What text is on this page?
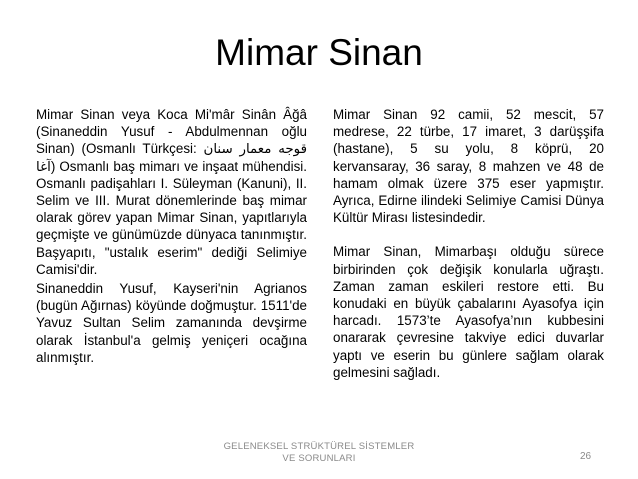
Mimar Sinan

Mimar Sinan veya Koca Mi'mâr Sinân Âğâ (Sinaneddin Yusuf - Abdulmennan oğlu Sinan) (Osmanlı Türkçesi: قوجه معمار سنان آغا) Osmanlı baş mimarı ve inşaat mühendisi. Osmanlı padişahları I. Süleyman (Kanuni), II. Selim ve III. Murat dönemlerinde baş mimar olarak görev yapan Mimar Sinan, yapıtlarıyla geçmişte ve günümüzde dünyaca tanınmıştır. Başyapıtı, "ustalık eserim" dediği Selimiye Camisi'dir.

Sinaneddin Yusuf, Kayseri'nin Agrianos (bugün Ağırnas) köyünde doğmuştur. 1511'de Yavuz Sultan Selim zamanında devşirme olarak İstanbul'a gelmiş yeniçeri ocağına alınmıştır.

Mimar Sinan 92 camii, 52 mescit, 57 medrese, 22 türbe, 17 imaret, 3 darüşşifa (hastane), 5 su yolu, 8 köprü, 20 kervansaray, 36 saray, 8 mahzen ve 48 de hamam olmak üzere 375 eser yapmıştır. Ayrıca, Edirne ilindeki Selimiye Camisi Dünya Kültür Mirası listesindedir.

Mimar Sinan, Mimarbaşı olduğu sürece birbirinden çok değişik konularla uğraştı. Zaman zaman eskileri restore etti. Bu konudaki en büyük çabalarını Ayasofya için harcadı. 1573’te Ayasofya’nın kubbesini onararak çevresine takviye edici duvarlar yaptı ve eserin bu günlere sağlam olarak gelmesini sağladı.

GELENEKSEL STRÜKTÜREL SİSTEMLER VE SORUNLARI	26
